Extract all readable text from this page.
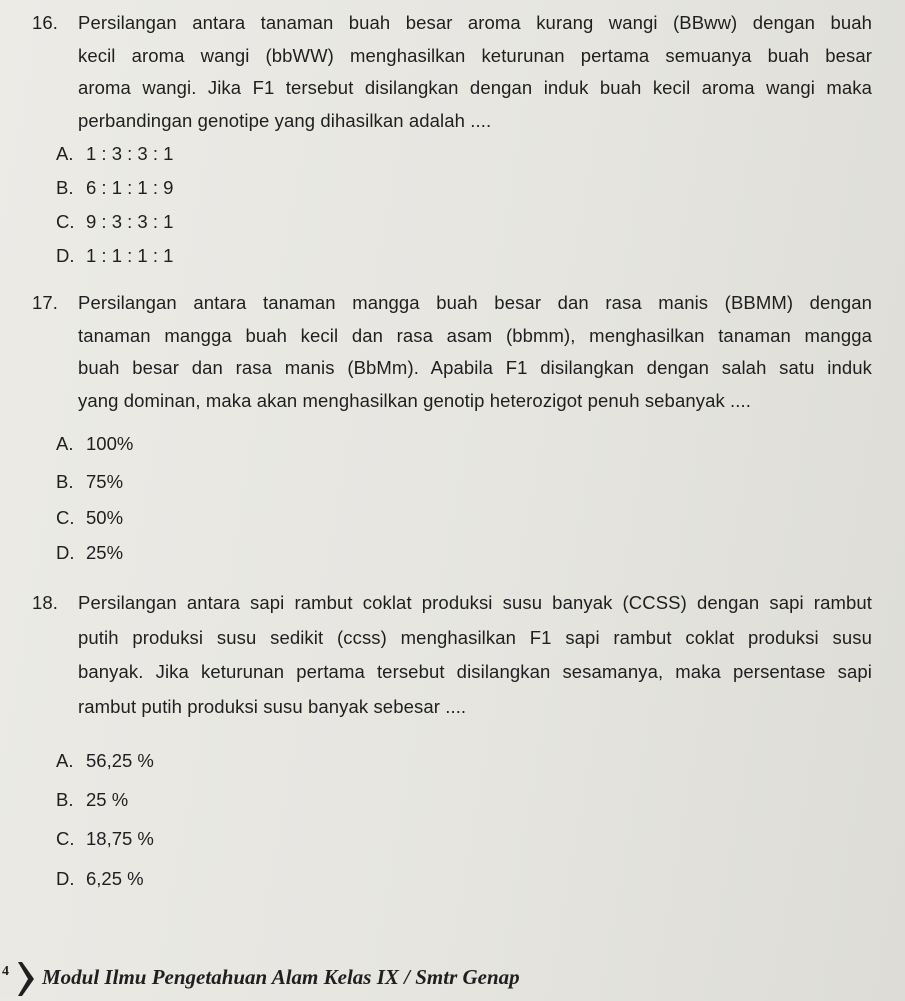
16. Persilangan antara tanaman buah besar aroma kurang wangi (BBww) dengan buah
kecil aroma wangi (bbWW) menghasilkan keturunan pertama semuanya buah besar
aroma wangi. Jika F1 tersebut disilangkan dengan induk buah kecil aroma wangi maka
perbandingan genotipe yang dihasilkan adalah ....
A. 1 : 3 : 3 : 1
B. 6 : 1 : 1 : 9
C. 9 : 3 : 3 : 1
D. 1 : 1 : 1 : 1
17. Persilangan antara tanaman mangga buah besar dan rasa manis (BBMM) dengan
tanaman mangga buah kecil dan rasa asam (bbmm), menghasilkan tanaman mangga
buah besar dan rasa manis (BbMm). Apabila F1 disilangkan dengan salah satu induk
yang dominan, maka akan menghasilkan genotip heterozigot penuh sebanyak ....
A. 100%
B. 75%
C. 50%
D. 25%
18. Persilangan antara sapi rambut coklat produksi susu banyak (CCSS) dengan sapi rambut
putih produksi susu sedikit (ccss) menghasilkan F1 sapi rambut coklat produksi susu
banyak. Jika keturunan pertama tersebut disilangkan sesamanya, maka persentase sapi
rambut putih produksi susu banyak sebesar ....
A. 56,25 %
B. 25 %
C. 18,75 %
D. 6,25 %
4 Modul Ilmu Pengetahuan Alam Kelas IX / Smtr Genap
